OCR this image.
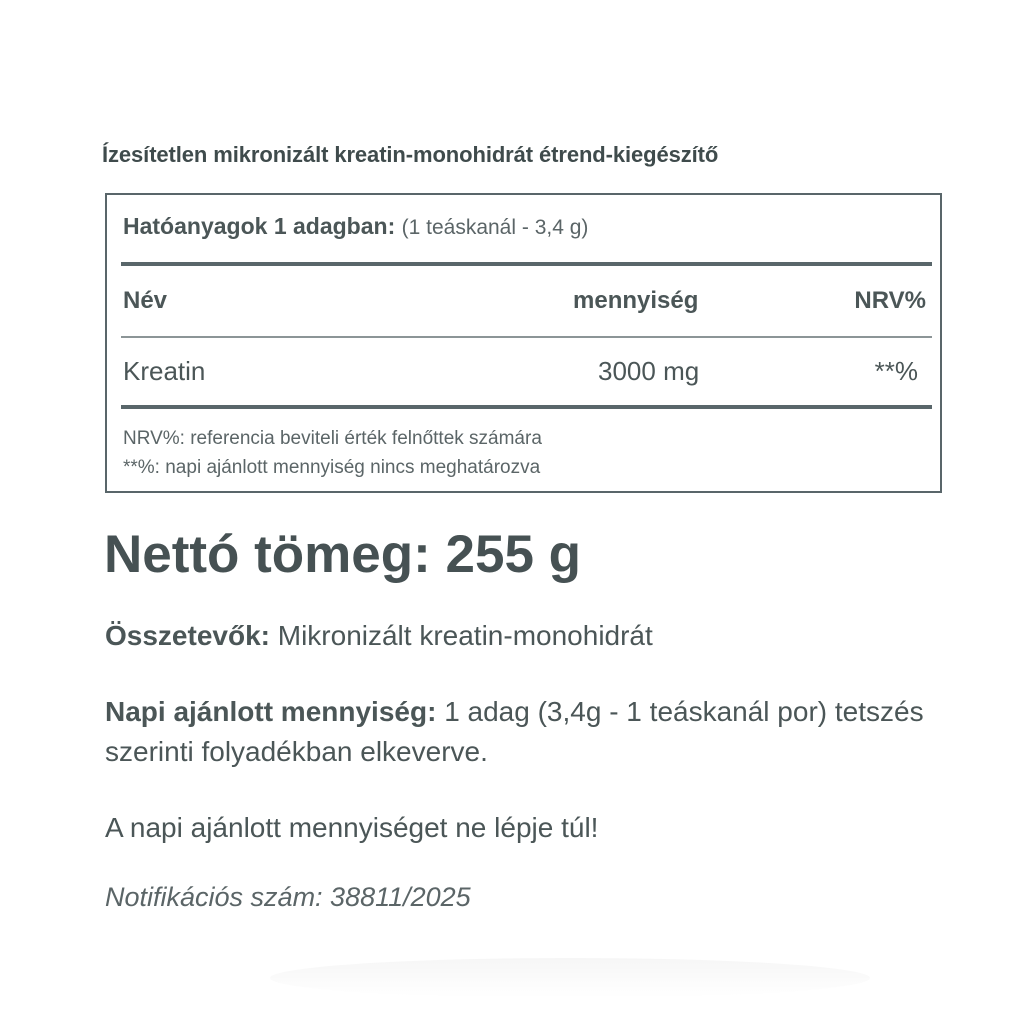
Ízesítetlen mikronizált kreatin-monohidrát étrend-kiegészítő
Hatóanyagok 1 adagban: (1 teáskanál - 3,4 g)
Név	mennyiség	NRV%
Kreatin	3000 mg	**%
NRV%: referencia beviteli érték felnőttek számára
**%: napi ajánlott mennyiség nincs meghatározva
Nettó tömeg: 255 g
Összetevők: Mikronizált kreatin-monohidrát
Napi ajánlott mennyiség: 1 adag (3,4g - 1 teáskanál por) tetszés szerinti folyadékban elkeverve.
A napi ajánlott mennyiséget ne lépje túl!
Notifikációs szám: 38811/2025
